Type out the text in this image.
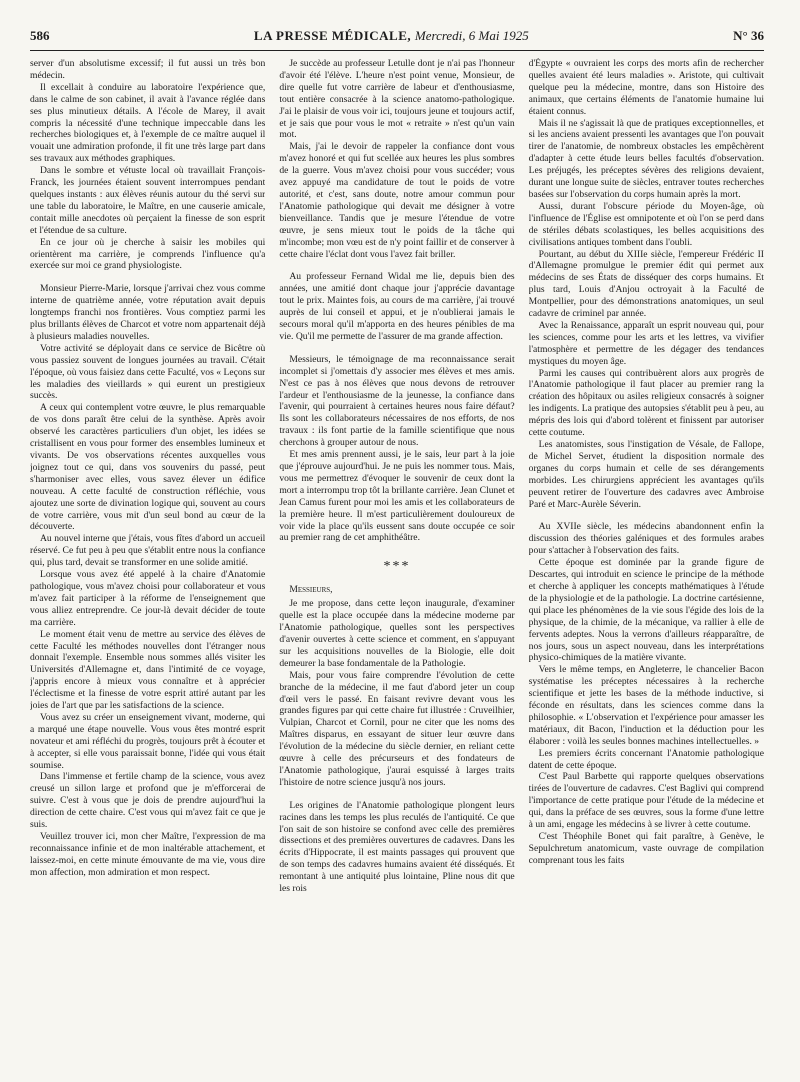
586	LA PRESSE MÉDICALE, Mercredi, 6 Mai 1925	N° 36

server d'un absolutisme excessif; il fut aussi un très bon médecin.

Il excellait à conduire au laboratoire l'expérience que, dans le calme de son cabinet, il avait à l'avance réglée dans ses plus minutieux détails. A l'école de Marey, il avait compris la nécessité d'une technique impeccable dans les recherches biologiques et, à l'exemple de ce maître auquel il vouait une admiration profonde, il fit une très large part dans ses travaux aux méthodes graphiques.

Dans le sombre et vétuste local où travaillait François-Franck, les journées étaient souvent interrompues pendant quelques instants : aux élèves réunis autour du thé servi sur une table du laboratoire, le Maître, en une causerie amicale, contait mille anecdotes où perçaient la finesse de son esprit et l'étendue de sa culture.

En ce jour où je cherche à saisir les mobiles qui orientèrent ma carrière, je comprends l'influence qu'a exercée sur moi ce grand physiologiste.

Monsieur Pierre-Marie, lorsque j'arrivai chez vous comme interne de quatrième année, votre réputation avait depuis longtemps franchi nos frontières. Vous comptiez parmi les plus brillants élèves de Charcot et votre nom appartenait déjà à plusieurs maladies nouvelles.

Votre activité se déployait dans ce service de Bicêtre où vous passiez souvent de longues journées au travail. C'était l'époque, où vous faisiez dans cette Faculté, vos « Leçons sur les maladies des vieillards » qui eurent un prestigieux succès.

A ceux qui contemplent votre œuvre, le plus remarquable de vos dons paraît être celui de la synthèse. Après avoir observé les caractères particuliers d'un objet, les idées se cristallisent en vous pour former des ensembles lumineux et vivants. De vos observations récentes auxquelles vous joignez tout ce qui, dans vos souvenirs du passé, peut s'harmoniser avec elles, vous savez élever un édifice nouveau. A cette faculté de construction réfléchie, vous ajoutez une sorte de divination logique qui, souvent au cours de votre carrière, vous mit d'un seul bond au cœur de la découverte.

Au nouvel interne que j'étais, vous fîtes d'abord un accueil réservé. Ce fut peu à peu que s'établit entre nous la confiance qui, plus tard, devait se transformer en une solide amitié.

Lorsque vous avez été appelé à la chaire d'Anatomie pathologique, vous m'avez choisi pour collaborateur et vous m'avez fait participer à la réforme de l'enseignement que vous alliez entreprendre. Ce jour-là devait décider de toute ma carrière.

Le moment était venu de mettre au service des élèves de cette Faculté les méthodes nouvelles dont l'étranger nous donnait l'exemple. Ensemble nous sommes allés visiter les Universités d'Allemagne et, dans l'intimité de ce voyage, j'appris encore à mieux vous connaître et à apprécier l'éclectisme et la finesse de votre esprit attiré autant par les joies de l'art que par les satisfactions de la science.

Vous avez su créer un enseignement vivant, moderne, qui a marqué une étape nouvelle. Vous vous êtes montré esprit novateur et ami réfléchi du progrès, toujours prêt à écouter et à accepter, si elle vous paraissait bonne, l'idée qui vous était soumise.

Dans l'immense et fertile champ de la science, vous avez creusé un sillon large et profond que je m'efforcerai de suivre. C'est à vous que je dois de prendre aujourd'hui la direction de cette chaire. C'est vous qui m'avez fait ce que je suis.

Veuillez trouver ici, mon cher Maître, l'expression de ma reconnaissance infinie et de mon inaltérable attachement, et laissez-moi, en cette minute émouvante de ma vie, vous dire mon affection, mon admiration et mon respect.

Je succède au professeur Letulle dont je n'ai pas l'honneur d'avoir été l'élève. L'heure n'est point venue, Monsieur, de dire quelle fut votre carrière de labeur et d'enthousiasme, tout entière consacrée à la science anatomo-pathologique. J'ai le plaisir de vous voir ici, toujours jeune et toujours actif, et je sais que pour vous le mot « retraite » n'est qu'un vain mot.

Mais, j'ai le devoir de rappeler la confiance dont vous m'avez honoré et qui fut scellée aux heures les plus sombres de la guerre. Vous m'avez choisi pour vous succéder; vous avez appuyé ma candidature de tout le poids de votre autorité, et c'est, sans doute, notre amour commun pour l'Anatomie pathologique qui devait me désigner à votre bienveillance. Tandis que je mesure l'étendue de votre œuvre, je sens mieux tout le poids de la tâche qui m'incombe; mon vœu est de n'y point faillir et de conserver à cette chaire l'éclat dont vous l'avez fait briller.

Au professeur Fernand Widal me lie, depuis bien des années, une amitié dont chaque jour j'apprécie davantage tout le prix. Maintes fois, au cours de ma carrière, j'ai trouvé auprès de lui conseil et appui, et je n'oublierai jamais le secours moral qu'il m'apporta en des heures pénibles de ma vie. Qu'il me permette de l'assurer de ma grande affection.

Messieurs, le témoignage de ma reconnaissance serait incomplet si j'omettais d'y associer mes élèves et mes amis. N'est ce pas à nos élèves que nous devons de retrouver l'ardeur et l'enthousiasme de la jeunesse, la confiance dans l'avenir, qui pourraient à certaines heures nous faire défaut? Ils sont les collaborateurs nécessaires de nos efforts, de nos travaux : ils font partie de la famille scientifique que nous cherchons à grouper autour de nous.

Et mes amis prennent aussi, je le sais, leur part à la joie que j'éprouve aujourd'hui. Je ne puis les nommer tous. Mais, vous me permettrez d'évoquer le souvenir de ceux dont la mort a interrompu trop tôt la brillante carrière. Jean Clunet et Jean Camus furent pour moi les amis et les collaborateurs de la première heure. Il m'est particulièrement douloureux de voir vide la place qu'ils eussent sans doute occupée ce soir au premier rang de cet amphithéâtre.

***
Messieurs,

Je me propose, dans cette leçon inaugurale, d'examiner quelle est la place occupée dans la médecine moderne par l'Anatomie pathologique, quelles sont les perspectives d'avenir ouvertes à cette science et comment, en s'appuyant sur les acquisitions nouvelles de la Biologie, elle doit demeurer la base fondamentale de la Pathologie.

Mais, pour vous faire comprendre l'évolution de cette branche de la médecine, il me faut d'abord jeter un coup d'œil vers le passé. En faisant revivre devant vous les grandes figures par qui cette chaire fut illustrée : Cruveilhier, Vulpian, Charcot et Cornil, pour ne citer que les noms des Maîtres disparus, en essayant de situer leur œuvre dans l'évolution de la médecine du siècle dernier, en reliant cette œuvre à celle des précurseurs et des fondateurs de l'Anatomie pathologique, j'aurai esquissé à larges traits l'histoire de notre science jusqu'à nos jours.

Les origines de l'Anatomie pathologique plongent leurs racines dans les temps les plus reculés de l'antiquité. Ce que l'on sait de son histoire se confond avec celle des premières dissections et des premières ouvertures de cadavres. Dans les écrits d'Hippocrate, il est maints passages qui prouvent que de son temps des cadavres humains avaient été disséqués. Et remontant à une antiquité plus lointaine, Pline nous dit que les rois

d'Égypte « ouvraient les corps des morts afin de rechercher quelles avaient été leurs maladies ». Aristote, qui cultivait quelque peu la médecine, montre, dans son Histoire des animaux, que certains éléments de l'anatomie humaine lui étaient connus.

Mais il ne s'agissait là que de pratiques exceptionnelles, et si les anciens avaient pressenti les avantages que l'on pouvait tirer de l'anatomie, de nombreux obstacles les empêchèrent d'adapter à cette étude leurs belles facultés d'observation. Les préjugés, les préceptes sévères des religions devaient, durant une longue suite de siècles, entraver toutes recherches basées sur l'observation du corps humain après la mort.

Aussi, durant l'obscure période du Moyen-âge, où l'influence de l'Église est omnipotente et où l'on se perd dans de stériles débats scolastiques, les belles acquisitions des civilisations antiques tombent dans l'oubli.

Pourtant, au début du XIIIe siècle, l'empereur Frédéric II d'Allemagne promulgue le premier édit qui permet aux médecins de ses États de disséquer des corps humains. Et plus tard, Louis d'Anjou octroyait à la Faculté de Montpellier, pour des démonstrations anatomiques, un seul cadavre de criminel par année.

Avec la Renaissance, apparaît un esprit nouveau qui, pour les sciences, comme pour les arts et les lettres, va vivifier l'atmosphère et permettre de les dégager des tendances mystiques du moyen âge.

Parmi les causes qui contribuèrent alors aux progrès de l'Anatomie pathologique il faut placer au premier rang la création des hôpitaux ou asiles religieux consacrés à soigner les indigents. La pratique des autopsies s'établit peu à peu, au mépris des lois qui d'abord tolèrent et finissent par autoriser cette coutume.

Les anatomistes, sous l'instigation de Vésale, de Fallope, de Michel Servet, étudient la disposition normale des organes du corps humain et celle de ses dérangements morbides. Les chirurgiens apprécient les avantages qu'ils peuvent retirer de l'ouverture des cadavres avec Ambroise Paré et Marc-Aurèle Séverin.

Au XVIIe siècle, les médecins abandonnent enfin la discussion des théories galéniques et des formules arabes pour s'attacher à l'observation des faits.

Cette époque est dominée par la grande figure de Descartes, qui introduit en science le principe de la méthode et cherche à appliquer les concepts mathématiques à l'étude de la physiologie et de la pathologie. La doctrine cartésienne, qui place les phénomènes de la vie sous l'égide des lois de la physique, de la chimie, de la mécanique, va rallier à elle de fervents adeptes. Nous la verrons d'ailleurs réapparaître, de nos jours, sous un aspect nouveau, dans les interprétations physico-chimiques de la matière vivante.

Vers le même temps, en Angleterre, le chancelier Bacon systématise les préceptes nécessaires à la recherche scientifique et jette les bases de la méthode inductive, si féconde en résultats, dans les sciences comme dans la philosophie. « L'observation et l'expérience pour amasser les matériaux, dit Bacon, l'induction et la déduction pour les élaborer : voilà les seules bonnes machines intellectuelles. »

Les premiers écrits concernant l'Anatomie pathologique datent de cette époque.

C'est Paul Barbette qui rapporte quelques observations tirées de l'ouverture de cadavres. C'est Baglivi qui comprend l'importance de cette pratique pour l'étude de la médecine et qui, dans la préface de ses œuvres, sous la forme d'une lettre à un ami, engage les médecins à se livrer à cette coutume.

C'est Théophile Bonet qui fait paraître, à Genève, le Sepulchretum anatomicum, vaste ouvrage de compilation comprenant tous les faits
